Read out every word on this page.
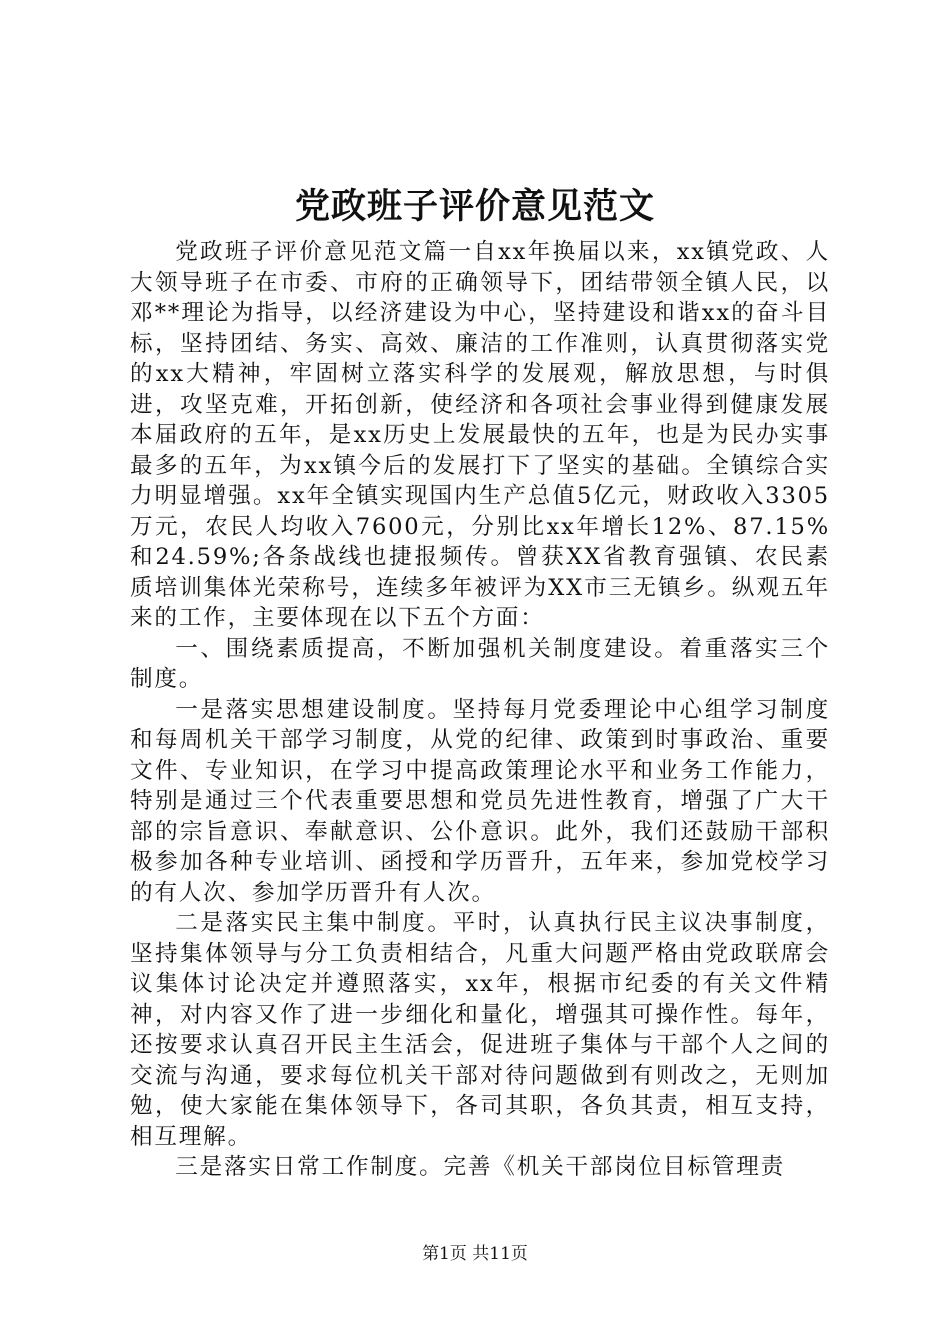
党政班子评价意见范文

党政班子评价意见范文篇一自xx年换届以来，xx镇党政、人大领导班子在市委、市府的正确领导下，团结带领全镇人民，以邓**理论为指导，以经济建设为中心，坚持建设和谐xx的奋斗目标，坚持团结、务实、高效、廉洁的工作准则，认真贯彻落实党的xx大精神，牢固树立落实科学的发展观，解放思想，与时俱进，攻坚克难，开拓创新，使经济和各项社会事业得到健康发展本届政府的五年，是xx历史上发展最快的五年，也是为民办实事最多的五年，为xx镇今后的发展打下了坚实的基础。全镇综合实力明显增强。xx年全镇实现国内生产总值5亿元，财政收入3305万元，农民人均收入7600元，分别比xx年增长12%、87.15%和24.59%;各条战线也捷报频传。曾获XX省教育强镇、农民素质培训集体光荣称号，连续多年被评为XX市三无镇乡。纵观五年来的工作，主要体现在以下五个方面：

一、围绕素质提高，不断加强机关制度建设。着重落实三个制度。

一是落实思想建设制度。坚持每月党委理论中心组学习制度和每周机关干部学习制度，从党的纪律、政策到时事政治、重要文件、专业知识，在学习中提高政策理论水平和业务工作能力，特别是通过三个代表重要思想和党员先进性教育，增强了广大干部的宗旨意识、奉献意识、公仆意识。此外，我们还鼓励干部积极参加各种专业培训、函授和学历晋升，五年来，参加党校学习的有人次、参加学历晋升有人次。

二是落实民主集中制度。平时，认真执行民主议决事制度，坚持集体领导与分工负责相结合，凡重大问题严格由党政联席会议集体讨论决定并遵照落实，xx年，根据市纪委的有关文件精神，对内容又作了进一步细化和量化，增强其可操作性。每年，还按要求认真召开民主生活会，促进班子集体与干部个人之间的交流与沟通，要求每位机关干部对待问题做到有则改之，无则加勉，使大家能在集体领导下，各司其职，各负其责，相互支持，相互理解。

三是落实日常工作制度。完善《机关干部岗位目标管理责

第1页 共11页
